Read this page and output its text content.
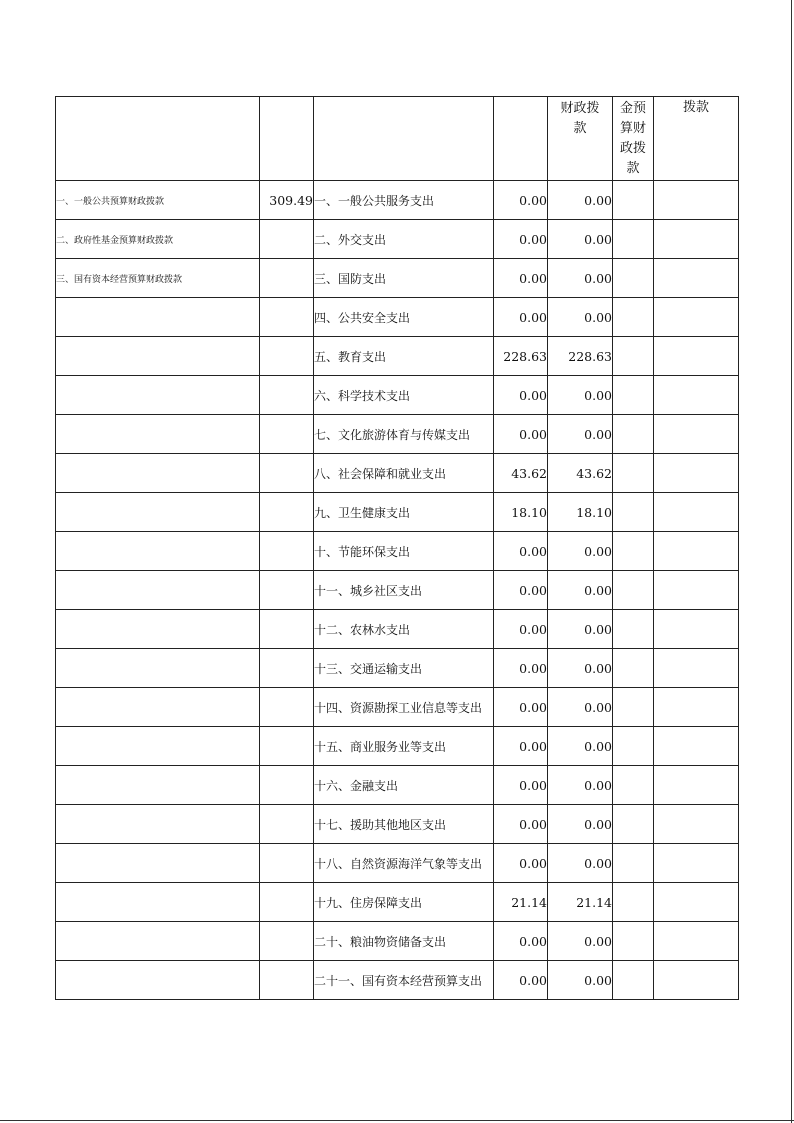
				财政拨款	金预算财政拨款	拨款

一、一般公共预算财政拨款	309.49	一、一般公共服务支出	0.00	0.00		
二、政府性基金预算财政拨款		二、外交支出	0.00	0.00		
三、国有资本经营预算财政拨款		三、国防支出	0.00	0.00		
		四、公共安全支出	0.00	0.00		
		五、教育支出	228.63	228.63		
		六、科学技术支出	0.00	0.00		
		七、文化旅游体育与传媒支出	0.00	0.00		
		八、社会保障和就业支出	43.62	43.62		
		九、卫生健康支出	18.10	18.10		
		十、节能环保支出	0.00	0.00		
		十一、城乡社区支出	0.00	0.00		
		十二、农林水支出	0.00	0.00		
		十三、交通运输支出	0.00	0.00		
		十四、资源勘探工业信息等支出	0.00	0.00		
		十五、商业服务业等支出	0.00	0.00		
		十六、金融支出	0.00	0.00		
		十七、援助其他地区支出	0.00	0.00		
		十八、自然资源海洋气象等支出	0.00	0.00		
		十九、住房保障支出	21.14	21.14		
		二十、粮油物资储备支出	0.00	0.00		
		二十一、国有资本经营预算支出	0.00	0.00		
